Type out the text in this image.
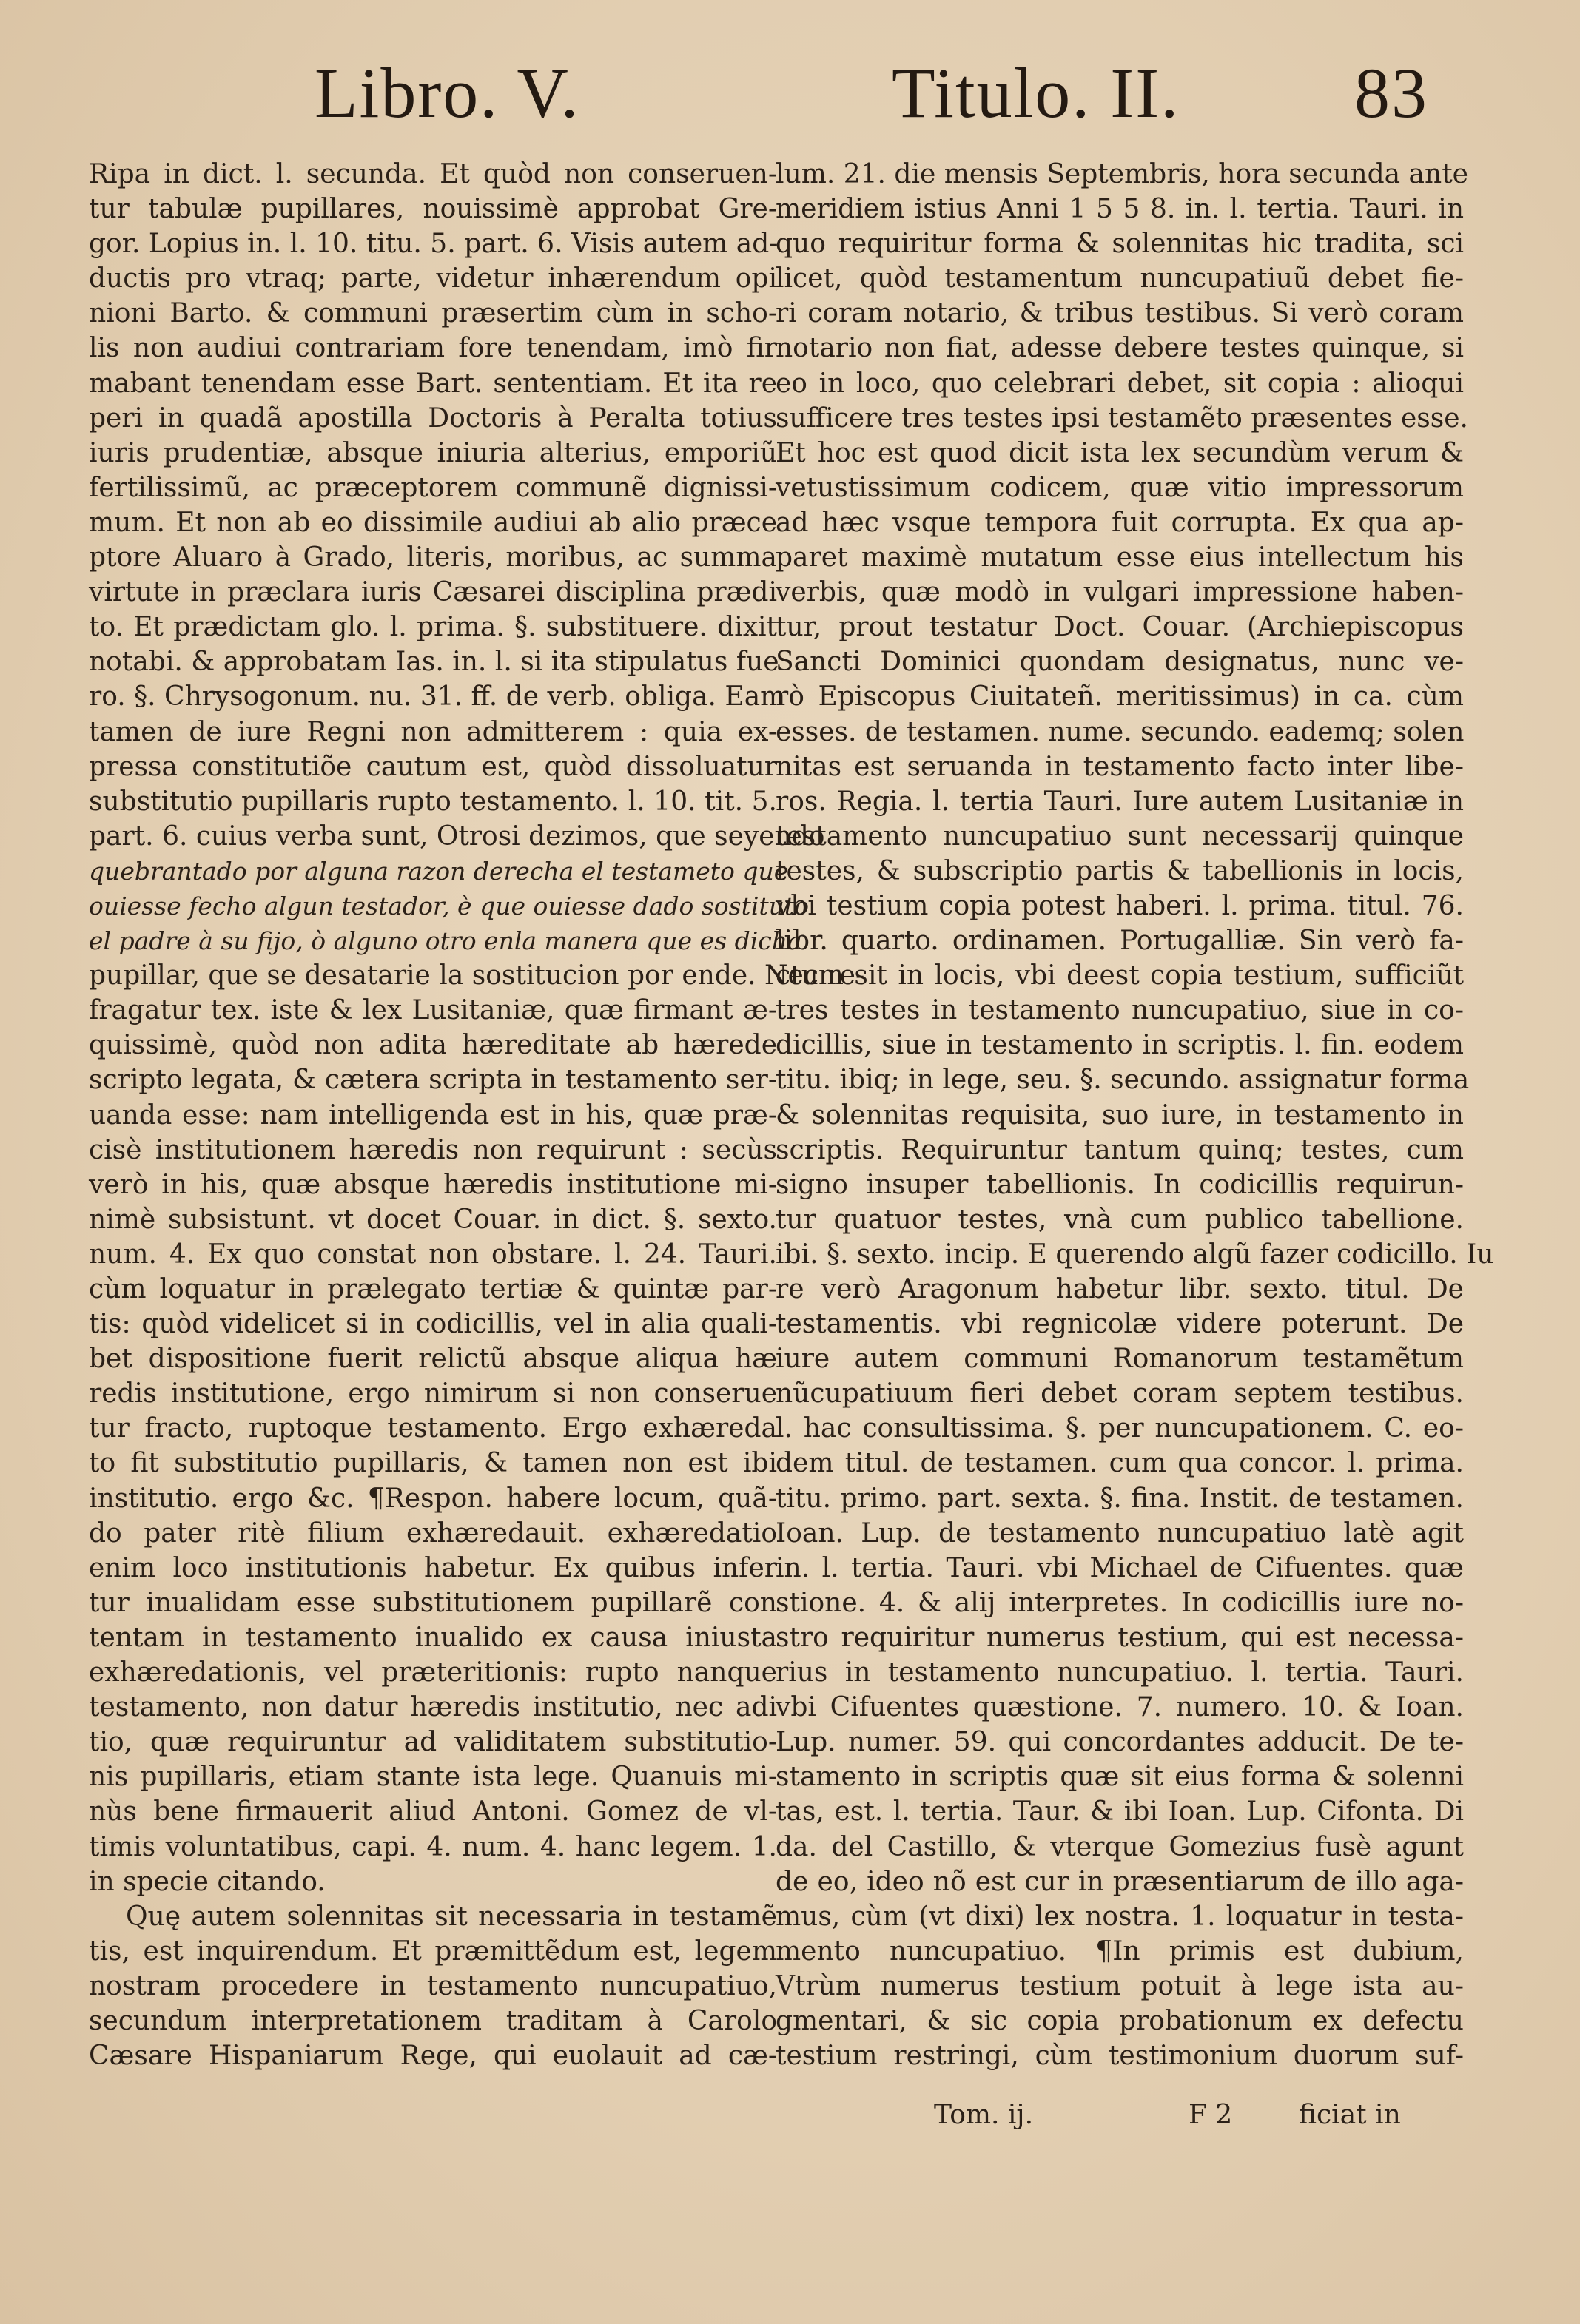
Libro. V.	Titulo. II. 83
Ripa in dict. l. secunda. Et quòd non conseruen-
tur tabulæ pupillares, nouissimè approbat Gre-
gor. Lopius in. l. 10. titu. 5. part. 6. Visis autem ad-
ductis pro vtraq; parte, videtur inhærendum opi
nioni Barto. & communi præsertim cùm in scho-
lis non audiui contrariam fore tenendam, imò fir
mabant tenendam esse Bart. sententiam. Et ita re
peri in quadã apostilla Doctoris à Peralta totius
iuris prudentiæ, absque iniuria alterius, emporiũ
fertilissimũ, ac præceptorem communẽ dignissi-
mum. Et non ab eo dissimile audiui ab alio præce
ptore Aluaro à Grado, literis, moribus, ac summa
virtute in præclara iuris Cæsarei disciplina prædi
to. Et prædictam glo. l. prima. §. substituere. dixit
notabi. & approbatam Ias. in. l. si ita stipulatus fue
ro. §. Chrysogonum. nu. 31. ff. de verb. obliga. Eam
tamen de iure Regni non admitterem : quia ex-
pressa constitutiõe cautum est, quòd dissoluatur
substitutio pupillaris rupto testamento. l. 10. tit. 5.
part. 6. cuius verba sunt, Otrosi dezimos, que seyendo
quebrantado por alguna razon derecha el testameto que
ouiesse fecho algun testador, è que ouiesse dado sostituto
el padre à su fijo, ò alguno otro enla manera que es dicha
pupillar, que se desatarie la sostitucion por ende. Nec re-
fragatur tex. iste & lex Lusitaniæ, quæ firmant æ-
quissimè, quòd non adita hæreditate ab hærede
scripto legata, & cætera scripta in testamento ser-
uanda esse: nam intelligenda est in his, quæ præ-
cisè institutionem hæredis non requirunt : secùs
verò in his, quæ absque hæredis institutione mi-
nimè subsistunt. vt docet Couar. in dict. §. sexto.
num. 4. Ex quo constat non obstare. l. 24. Tauri.
cùm loquatur in prælegato tertiæ & quintæ par-
tis: quòd videlicet si in codicillis, vel in alia quali-
bet dispositione fuerit relictũ absque aliqua hæ
redis institutione, ergo nimirum si non conserue
tur fracto, ruptoque testamento. Ergo exhæreda
to fit substitutio pupillaris, & tamen non est ibi
institutio. ergo &c. ¶Respon. habere locum, quã-
do pater ritè filium exhæredauit. exhæredatio
enim loco institutionis habetur. Ex quibus infer
tur inualidam esse substitutionem pupillarẽ con
tentam in testamento inualido ex causa iniusta
exhæredationis, vel præteritionis: rupto nanque
testamento, non datur hæredis institutio, nec adi
tio, quæ requiruntur ad validitatem substitutio-
nis pupillaris, etiam stante ista lege. Quanuis mi-
nùs bene firmauerit aliud Antoni. Gomez de vl-
timis voluntatibus, capi. 4. num. 4. hanc legem. 1.
in specie citando.
Quę autem solennitas sit necessaria in testamẽ
tis, est inquirendum. Et præmittẽdum est, legem
nostram procedere in testamento nuncupatiuo,
secundum interpretationem traditam à Carolo
Cæsare Hispaniarum Rege, qui euolauit ad cæ-
lum. 21. die mensis Septembris, hora secunda ante
meridiem istius Anni 1 5 5 8. in. l. tertia. Tauri. in
quo requiritur forma & solennitas hic tradita, sci
licet, quòd testamentum nuncupatiuũ debet fie-
ri coram notario, & tribus testibus. Si verò coram
notario non fiat, adesse debere testes quinque, si
eo in loco, quo celebrari debet, sit copia : alioqui
sufficere tres testes ipsi testamẽto præsentes esse.
Et hoc est quod dicit ista lex secundùm verum &
vetustissimum codicem, quæ vitio impressorum
ad hæc vsque tempora fuit corrupta. Ex qua ap-
paret maximè mutatum esse eius intellectum his
verbis, quæ modò in vulgari impressione haben-
tur, prout testatur Doct. Couar. (Archiepiscopus
Sancti Dominici quondam designatus, nunc ve-
rò Episcopus Ciuitateñ. meritissimus) in ca. cùm
esses. de testamen. nume. secundo. eademq; solen
nitas est seruanda in testamento facto inter libe-
ros. Regia. l. tertia Tauri. Iure autem Lusitaniæ in
testamento nuncupatiuo sunt necessarij quinque
testes, & subscriptio partis & tabellionis in locis,
vbi testium copia potest haberi. l. prima. titul. 76.
libr. quarto. ordinamen. Portugalliæ. Sin verò fa-
ctum sit in locis, vbi deest copia testium, sufficiũt
tres testes in testamento nuncupatiuo, siue in co-
dicillis, siue in testamento in scriptis. l. fin. eodem
titu. ibiq; in lege, seu. §. secundo. assignatur forma
& solennitas requisita, suo iure, in testamento in
scriptis. Requiruntur tantum quinq; testes, cum
signo insuper tabellionis. In codicillis requirun-
tur quatuor testes, vnà cum publico tabellione.
ibi. §. sexto. incip. E querendo algũ fazer codicillo. Iu
re verò Aragonum habetur libr. sexto. titul. De
testamentis. vbi regnicolæ videre poterunt. De
iure autem communi Romanorum testamẽtum
nũcupatiuum fieri debet coram septem testibus.
l. hac consultissima. §. per nuncupationem. C. eo-
dem titul. de testamen. cum qua concor. l. prima.
titu. primo. part. sexta. §. fina. Instit. de testamen.
Ioan. Lup. de testamento nuncupatiuo latè agit
in. l. tertia. Tauri. vbi Michael de Cifuentes. quæ
stione. 4. & alij interpretes. In codicillis iure no-
stro requiritur numerus testium, qui est necessa-
rius in testamento nuncupatiuo. l. tertia. Tauri.
vbi Cifuentes quæstione. 7. numero. 10. & Ioan.
Lup. numer. 59. qui concordantes adducit. De te-
stamento in scriptis quæ sit eius forma & solenni
tas, est. l. tertia. Taur. & ibi Ioan. Lup. Cifonta. Di
da. del Castillo, & vterque Gomezius fusè agunt
de eo, ideo nõ est cur in præsentiarum de illo aga-
mus, cùm (vt dixi) lex nostra. 1. loquatur in testa-
mento nuncupatiuo. ¶In primis est dubium,
Vtrùm numerus testium potuit à lege ista au-
gmentari, & sic copia probationum ex defectu
testium restringi, cùm testimonium duorum suf-
Tom. ij.	F 2 ficiat in
